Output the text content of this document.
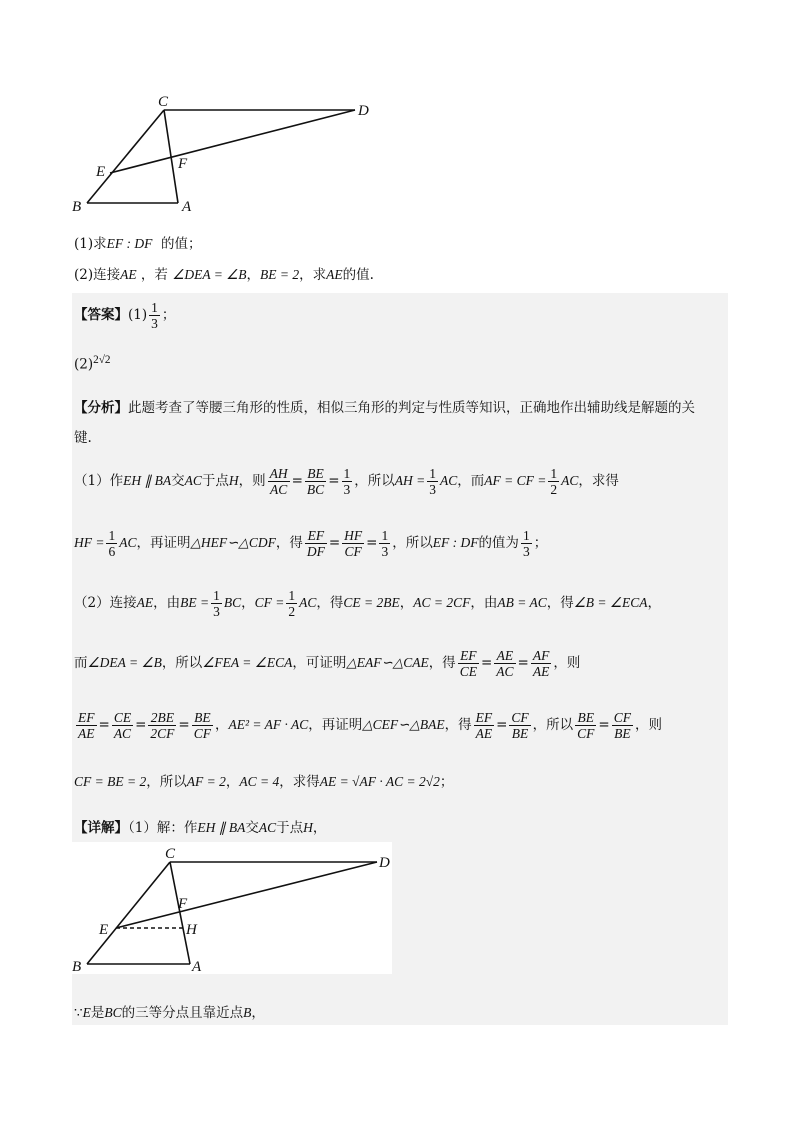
C
D
E	F
B	A
(1)求EF : DF 的值；
(2)连接AE ，若 ∠DEA = ∠B，BE = 2，求AE的值.
【答案】$(1) \frac{1}{3}$ ；
$(2)^{2√2}$
【分析】此题考查了等腰三角形的性质，相似三角形的判定与性质等知识，正确地作出辅助线是解题的关
键.
（1）作EH ∥ BA交AC于点H，则 $\frac{AH}{AC} = \frac{BE}{BC} = \frac{1}{3}$ ，所以AH = $\frac{1}{3}$ AC，而AF = CF = $\frac{1}{2}$ AC，求得
HF = $\frac{1}{6}$ AC，再证明△HEF∽△CDF，得 $\frac{EF}{DF} = \frac{HF}{CF} = \frac{1}{3}$ ，所以EF : DF的值为 $\frac{1}{3}$ ；
（2）连接AE，由BE = $\frac{1}{3}$ BC，CF = $\frac{1}{2}$ AC，得CE = 2BE，AC = 2CF，由AB = AC，得∠B = ∠ECA，
而∠DEA = ∠B，所以∠FEA = ∠ECA，可证明△EAF∽△CAE，得 $\frac{EF}{CE} = \frac{AE}{AC} = \frac{AF}{AE}$ ，则
$\frac{EF}{AE} = \frac{CE}{AC} = \frac{2BE}{2CF} = \frac{BE}{CF}$ ，AE² = AF · AC，再证明△CEF∽△BAE，得 $\frac{EF}{AE} = \frac{CF}{BE}$ ，所以 $\frac{BE}{CF} = \frac{CF}{BE}$ ，则
CF = BE = 2，所以AF = 2，AC = 4，求得AE = √AF · AC = 2√2；
【详解】（1）解：作EH ∥ BA交AC于点H，
C
D
F
E	H
B	A
∵E是BC的三等分点且靠近点B，
